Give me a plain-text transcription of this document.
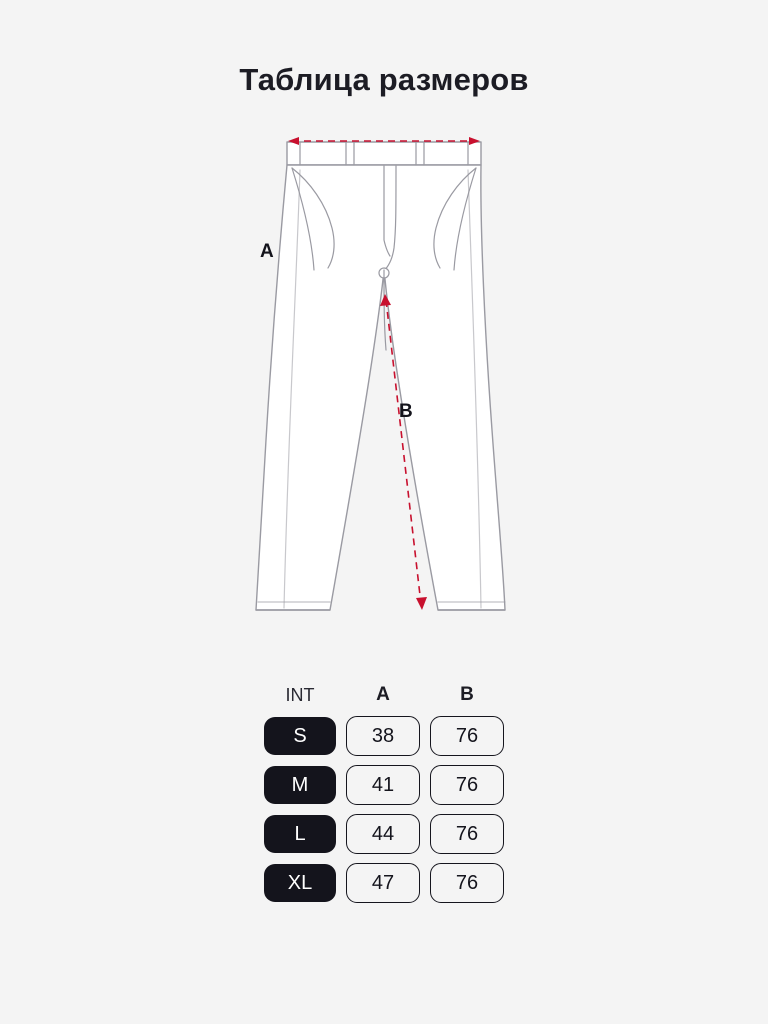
Таблица размеров
A
B
INT	A	B

S	38	76

M	41	76

L	44	76

XL	47	76
